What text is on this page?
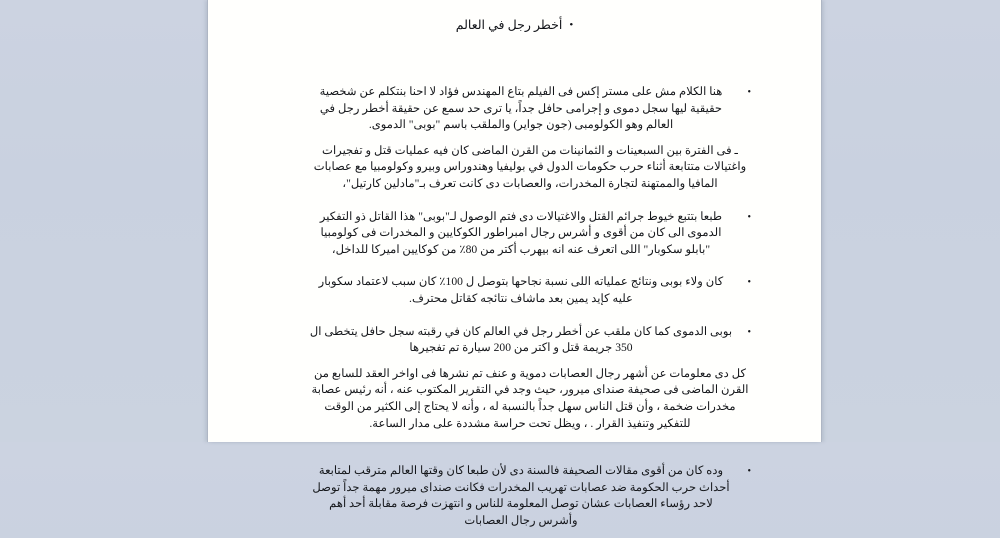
•أخطر رجل في العالم
•
هنا الكلام مش على مستر إكس فى الفيلم بتاع المهندس فؤاد لا احنا بنتكلم عن شخصية حقيقية ليها سجل دموى و إجرامى حافل جداً، يا ترى حد سمع عن حقيقة أخطر رجل في العالم وهو الكولومبى (جون جواير) والملقب باسم "بوبى" الدموى.
ـ فى الفترة بين السبعينات و الثمانينات من القرن الماضى كان فيه عمليات قتل و تفجيرات واغتيالات متتابعة أثناء حرب حكومات الدول في بوليفيا وهندوراس وبيرو وكولومبيا مع عصابات المافيا والممتهنة لتجارة المخدرات، والعصابات دى كانت تعرف بـ"مادلين كارتيل"،
•
طبعا بتتبع خيوط جرائم القتل والاغتيالات دى فتم الوصول لـ"بوبى" هذا القاتل ذو التفكير الدموى الى كان من أقوى و أشرس رجال امبراطور الكوكايين و المخدرات فى كولومبيا "بابلو سكوبار" اللى اتعرف عنه انه بيهرب أكتر من 80٪ من كوكايين اميركا للداخل،
•
كان ولاء بوبى ونتائج عملياته اللى نسبة نجاحها بتوصل ل 100٪ كان سبب لاعتماد سكوبار عليه كإيد يمين بعد ماشاف نتائجه كقاتل محترف.
•
بوبى الدموى كما كان ملقب عن أخطر رجل في العالم كان في رقبته سجل حافل يتخطى ال 350 جريمة قتل و اكتر من 200 سيارة تم تفجيرها
كل دى معلومات عن أشهر رجال العصابات دموية و عنف تم نشرها فى اواخر العقد للسابع من القرن الماضى فى صحيفة صنداى ميرور، حيث وجد في التقرير المكتوب عنه ، أنه رئيس عصابة مخدرات ضخمة ، وأن قتل الناس سهل جداً بالنسبة له ، وأنه لا يحتاج إلى الكثير من الوقت للتفكير وتنفيذ القرار . ، ويظل تحت حراسة مشددة على مدار الساعة.
•
وده كان من أقوى مقالات الصحيفة فالسنة دى لأن طبعا كان وقتها العالم مترقب لمتابعة أحداث حرب الحكومة ضد عصابات تهريب المخدرات فكانت صنداى ميرور مهمة جداً توصل لاحد رؤساء العصابات عشان توصل المعلومة للناس و انتهزت فرصة مقابلة أحد أهم وأشرس رجال العصابات
